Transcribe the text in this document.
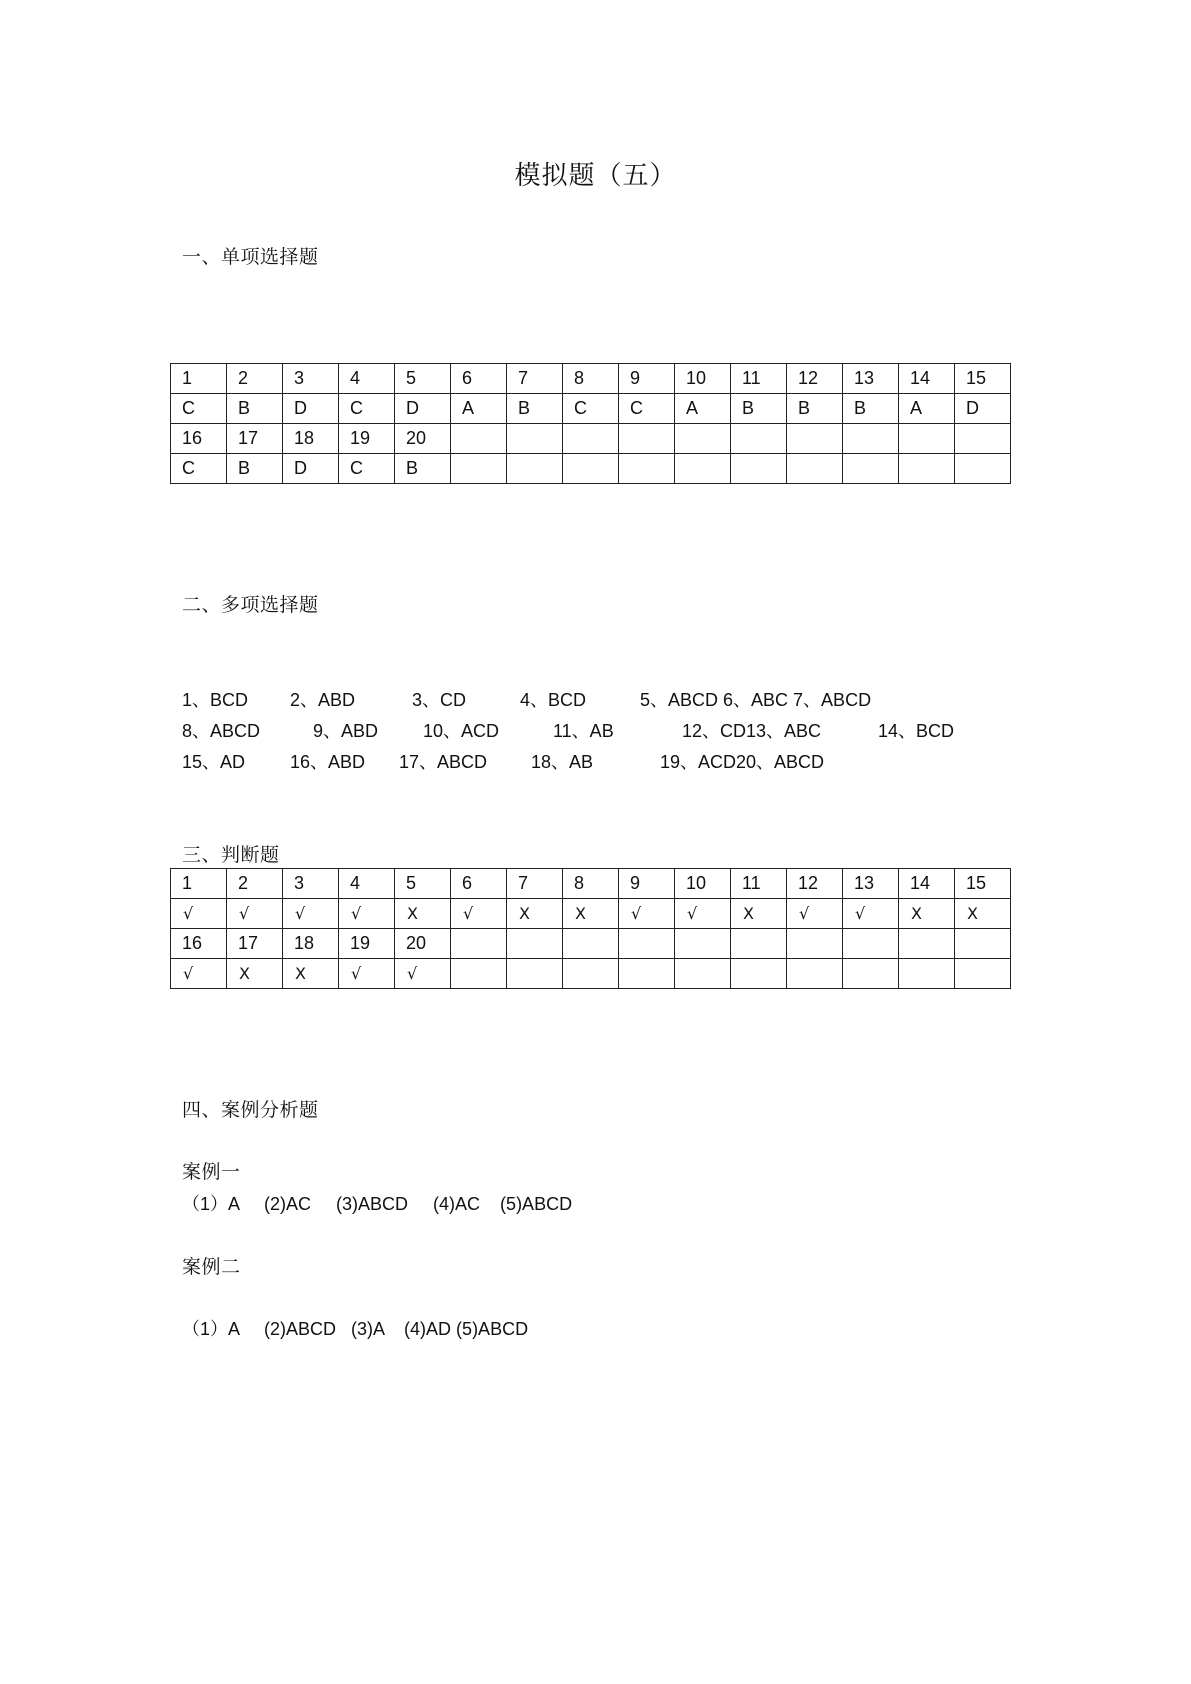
模拟题（五）
一、单项选择题
1	2	3	4	5	6	7	8	9	10	11	12	13	14	15
C	B	D	C	D	A	B	C	C	A	B	B	B	A	D
16	17	18	19	20										
C	B	D	C	B										
二、多项选择题
1、BCD 2、ABD	3、CD	4、BCD	5、ABCD 6、ABC 7、ABCD
8、ABCD	9、ABD 10、ACD	11、AB	12、CD13、ABC	14、BCD
15、AD 16、ABD 17、ABCD 18、AB	19、ACD20、ABCD
三、判断题
1	2	3	4	5	6	7	8	9	10	11	12	13	14	15
√	√	√	√	X	√	X	X	√	√	X	√	√	X	X
16	17	18	19	20										
√	X	X	√	√										
四、案例分析题
案例一
（1）A     (2)AC     (3)ABCD     (4)AC    (5)ABCD
案例二
（1）A     (2)ABCD   (3)A    (4)AD (5)ABCD
